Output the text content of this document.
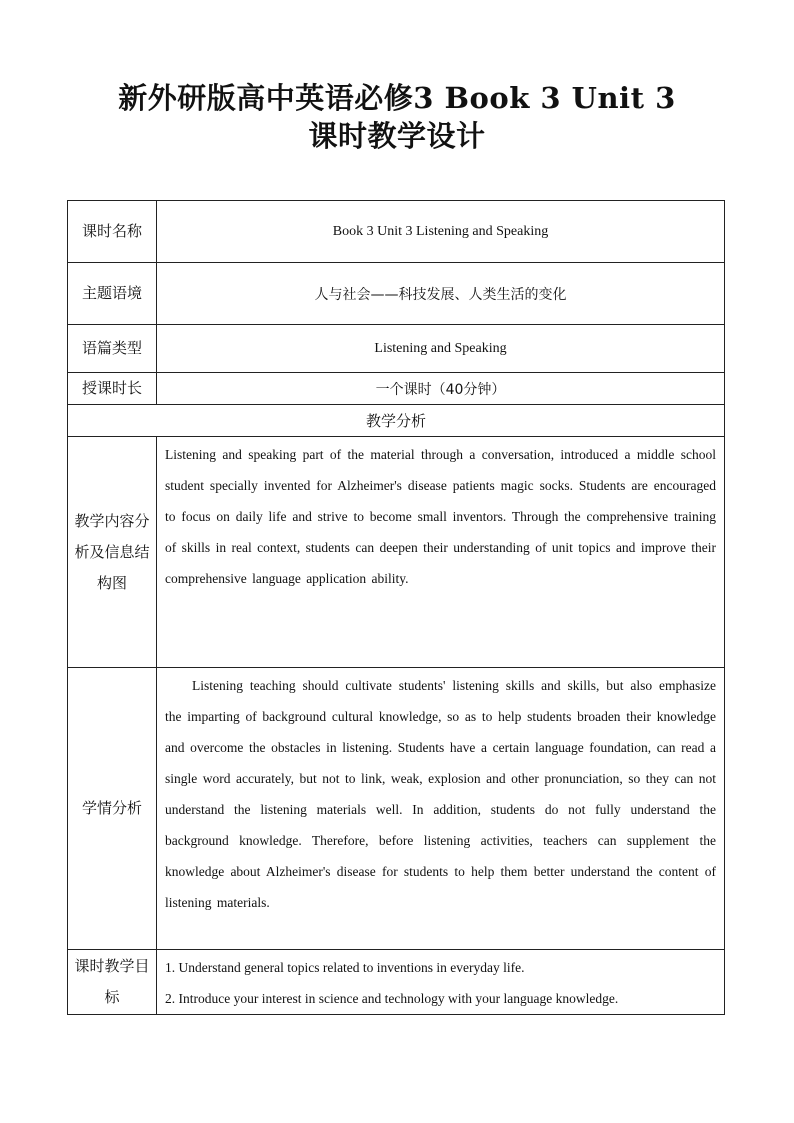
新外研版高中英语必修3 Book 3 Unit 3
课时教学设计
课时名称	Book 3 Unit 3 Listening and Speaking
主题语境	人与社会——科技发展、人类生活的变化
语篇类型	Listening and Speaking
授课时长	一个课时（40分钟）
教学分析	
教学内容分析及信息结构图	Listening and speaking part of the material through a conversation, introduced a middle school student specially invented for Alzheimer's disease patients magic socks. Students are encouraged to focus on daily life and strive to become small inventors. Through the comprehensive training of skills in real context, students can deepen their understanding of unit topics and improve their comprehensive language application ability.
学情分析	Listening teaching should cultivate students' listening skills and skills, but also emphasize the imparting of background cultural knowledge, so as to help students broaden their knowledge and overcome the obstacles in listening. Students have a certain language foundation, can read a single word accurately, but not to link, weak, explosion and other pronunciation, so they can not understand the listening materials well. In addition, students do not fully understand the background knowledge. Therefore, before listening activities, teachers can supplement the knowledge about Alzheimer's disease for students to help them better understand the content of listening materials.
课时教学目标	1. Understand general topics related to inventions in everyday life.
2. Introduce your interest in science and technology with your language knowledge.
